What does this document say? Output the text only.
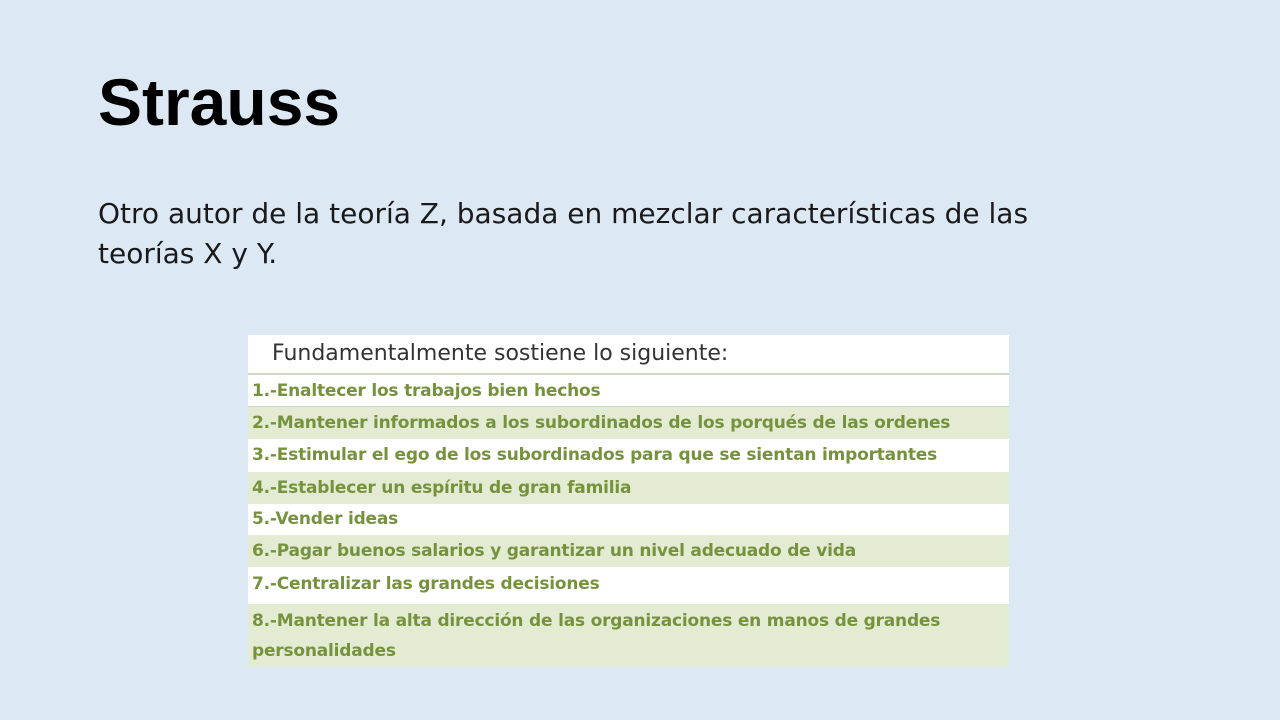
Strauss

Otro autor de la teoría Z, basada en mezclar características de las teorías X y Y.

Fundamentalmente sostiene lo siguiente:
1.-Enaltecer los trabajos bien hechos
2.-Mantener informados a los subordinados de los porqués de las ordenes
3.-Estimular el ego de los subordinados para que se sientan importantes
4.-Establecer un espíritu de gran familia
5.-Vender ideas
6.-Pagar buenos salarios y garantizar un nivel adecuado de vida
7.-Centralizar las grandes decisiones
8.-Mantener la alta dirección de las organizaciones en manos de grandes personalidades
